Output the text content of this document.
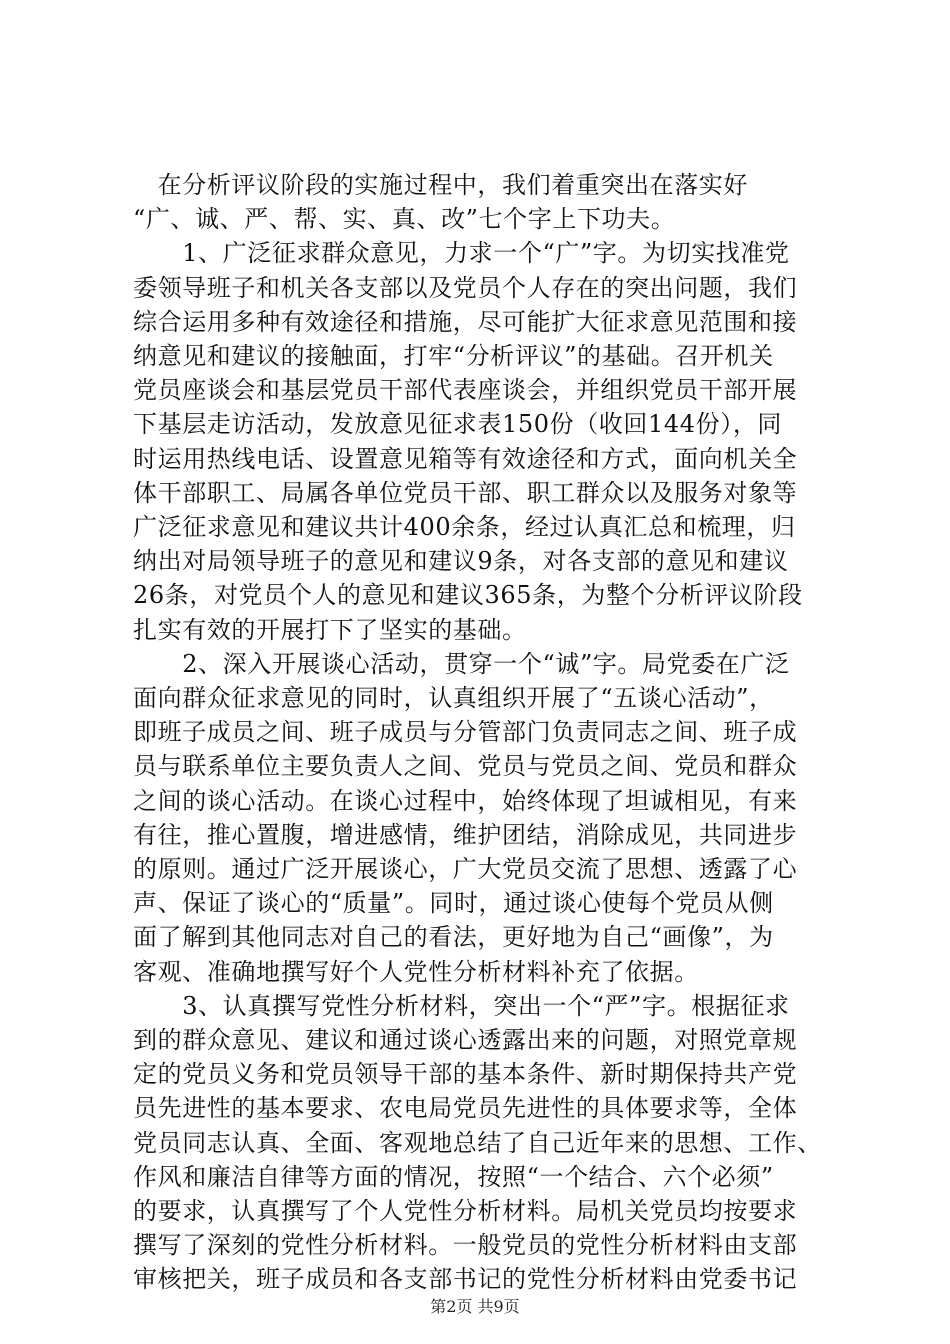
　在分析评议阶段的实施过程中，我们着重突出在落实好
“广、诚、严、帮、实、真、改”七个字上下功夫。
　　1、广泛征求群众意见，力求一个“广”字。为切实找准党
委领导班子和机关各支部以及党员个人存在的突出问题，我们
综合运用多种有效途径和措施，尽可能扩大征求意见范围和接
纳意见和建议的接触面，打牢“分析评议”的基础。召开机关
党员座谈会和基层党员干部代表座谈会，并组织党员干部开展
下基层走访活动，发放意见征求表150份（收回144份），同
时运用热线电话、设置意见箱等有效途径和方式，面向机关全
体干部职工、局属各单位党员干部、职工群众以及服务对象等
广泛征求意见和建议共计400余条，经过认真汇总和梳理，归
纳出对局领导班子的意见和建议9条，对各支部的意见和建议
26条，对党员个人的意见和建议365条，为整个分析评议阶段
扎实有效的开展打下了坚实的基础。
　　2、深入开展谈心活动，贯穿一个“诚”字。局党委在广泛
面向群众征求意见的同时，认真组织开展了“五谈心活动”，
即班子成员之间、班子成员与分管部门负责同志之间、班子成
员与联系单位主要负责人之间、党员与党员之间、党员和群众
之间的谈心活动。在谈心过程中，始终体现了坦诚相见，有来
有往，推心置腹，增进感情，维护团结，消除成见，共同进步
的原则。通过广泛开展谈心，广大党员交流了思想、透露了心
声、保证了谈心的“质量”。同时，通过谈心使每个党员从侧
面了解到其他同志对自己的看法，更好地为自己“画像”，为
客观、准确地撰写好个人党性分析材料补充了依据。
　　3、认真撰写党性分析材料，突出一个“严”字。根据征求
到的群众意见、建议和通过谈心透露出来的问题，对照党章规
定的党员义务和党员领导干部的基本条件、新时期保持共产党
员先进性的基本要求、农电局党员先进性的具体要求等，全体
党员同志认真、全面、客观地总结了自己近年来的思想、工作、
作风和廉洁自律等方面的情况，按照“一个结合、六个必须”
的要求，认真撰写了个人党性分析材料。局机关党员均按要求
撰写了深刻的党性分析材料。一般党员的党性分析材料由支部
审核把关，班子成员和各支部书记的党性分析材料由党委书记
第2页 共9页
